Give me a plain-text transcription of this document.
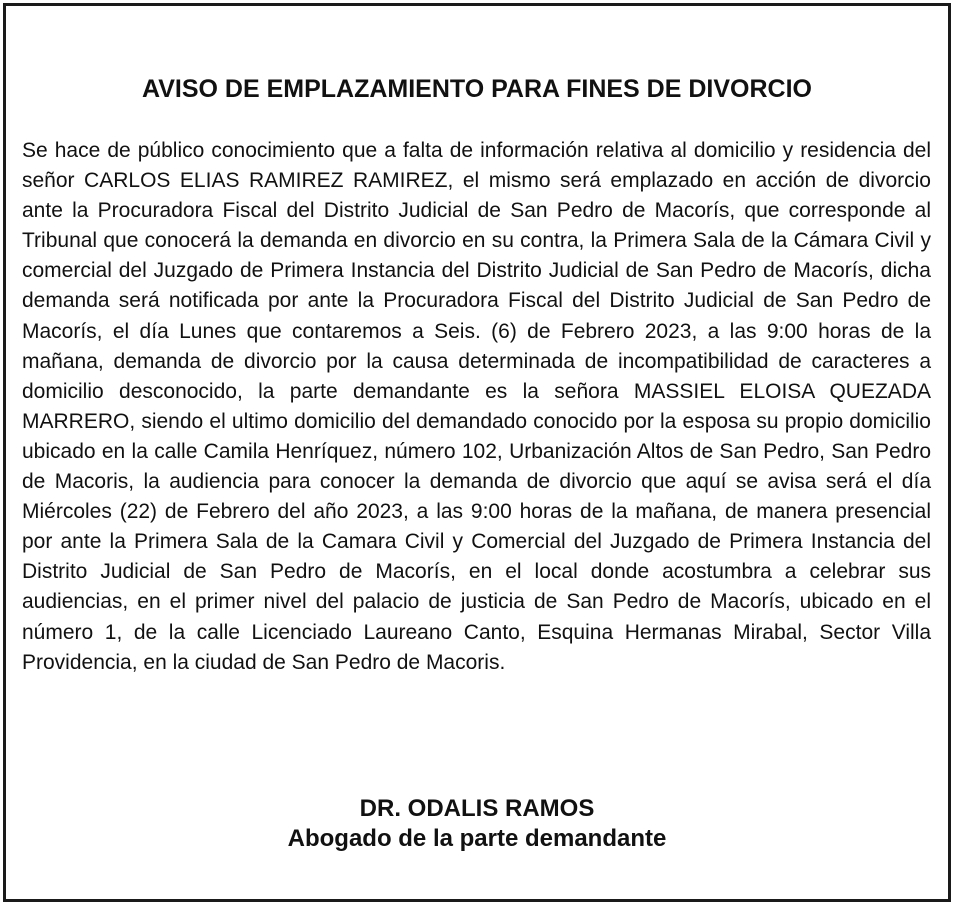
AVISO DE EMPLAZAMIENTO PARA FINES DE DIVORCIO

Se hace de público conocimiento que a falta de información relativa al domicilio y residencia del señor CARLOS ELIAS RAMIREZ RAMIREZ, el mismo será emplazado en acción de divorcio ante la Procuradora Fiscal del Distrito Judicial de San Pedro de Macorís, que corresponde al Tribunal que conocerá la demanda en divorcio en su contra, la Primera Sala de la Cámara Civil y comercial del Juzgado de Primera Instancia del Distrito Judicial de San Pedro de Macorís, dicha demanda será notificada por ante la Procuradora Fiscal del Distrito Judicial de San Pedro de Macorís, el día Lunes que contaremos a Seis. (6) de Febrero 2023, a las 9:00 horas de la mañana, demanda de divorcio por la causa determinada de incompatibilidad de caracteres a domicilio desconocido, la parte demandante es la señora MASSIEL ELOISA QUEZADA MARRERO, siendo el ultimo domicilio del demandado conocido por la esposa su propio domicilio ubicado en la calle Camila Henríquez, número 102, Urbanización Altos de San Pedro, San Pedro de Macoris, la audiencia para conocer la demanda de divorcio que aquí se avisa será el día Miércoles (22) de Febrero del año 2023, a las 9:00 horas de la mañana, de manera presencial por ante la Primera Sala de la Camara Civil y Comercial del Juzgado de Primera Instancia del Distrito Judicial de San Pedro de Macorís, en el local donde acostumbra a celebrar sus audiencias, en el primer nivel del palacio de justicia de San Pedro de Macorís, ubicado en el número 1, de la calle Licenciado Laureano Canto, Esquina Hermanas Mirabal, Sector Villa Providencia, en la ciudad de San Pedro de Macoris.

DR. ODALIS RAMOS
Abogado de la parte demandante
